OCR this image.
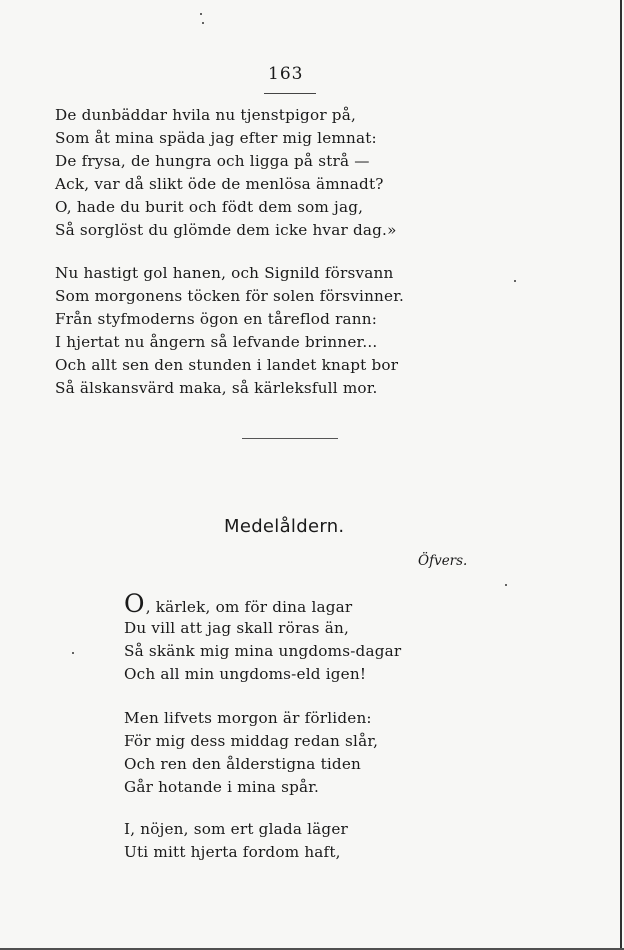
163

De dunbäddar hvila nu tjenstpigor på,
Som åt mina späda jag efter mig lemnat:
De frysa, de hungra och ligga på strå —
Ack, var då slikt öde de menlösa ämnadt?
O, hade du burit och födt dem som jag,
Så sorglöst du glömde dem icke hvar dag.»

Nu hastigt gol hanen, och Signild försvann
Som morgonens töcken för solen försvinner.
Från styfmoderns ögon en tåreflod rann:
I hjertat nu ångern så lefvande brinner...
Och allt sen den stunden i landet knapt bor
Så älskansvärd maka, så kärleksfull mor.

Medelåldern.
Öfvers.

O, kärlek, om för dina lagar
Du vill att jag skall röras än,
Så skänk mig mina ungdoms-dagar
Och all min ungdoms-eld igen!

Men lifvets morgon är förliden:
För mig dess middag redan slår,
Och ren den ålderstigna tiden
Går hotande i mina spår.

I, nöjen, som ert glada läger
Uti mitt hjerta fordom haft,
